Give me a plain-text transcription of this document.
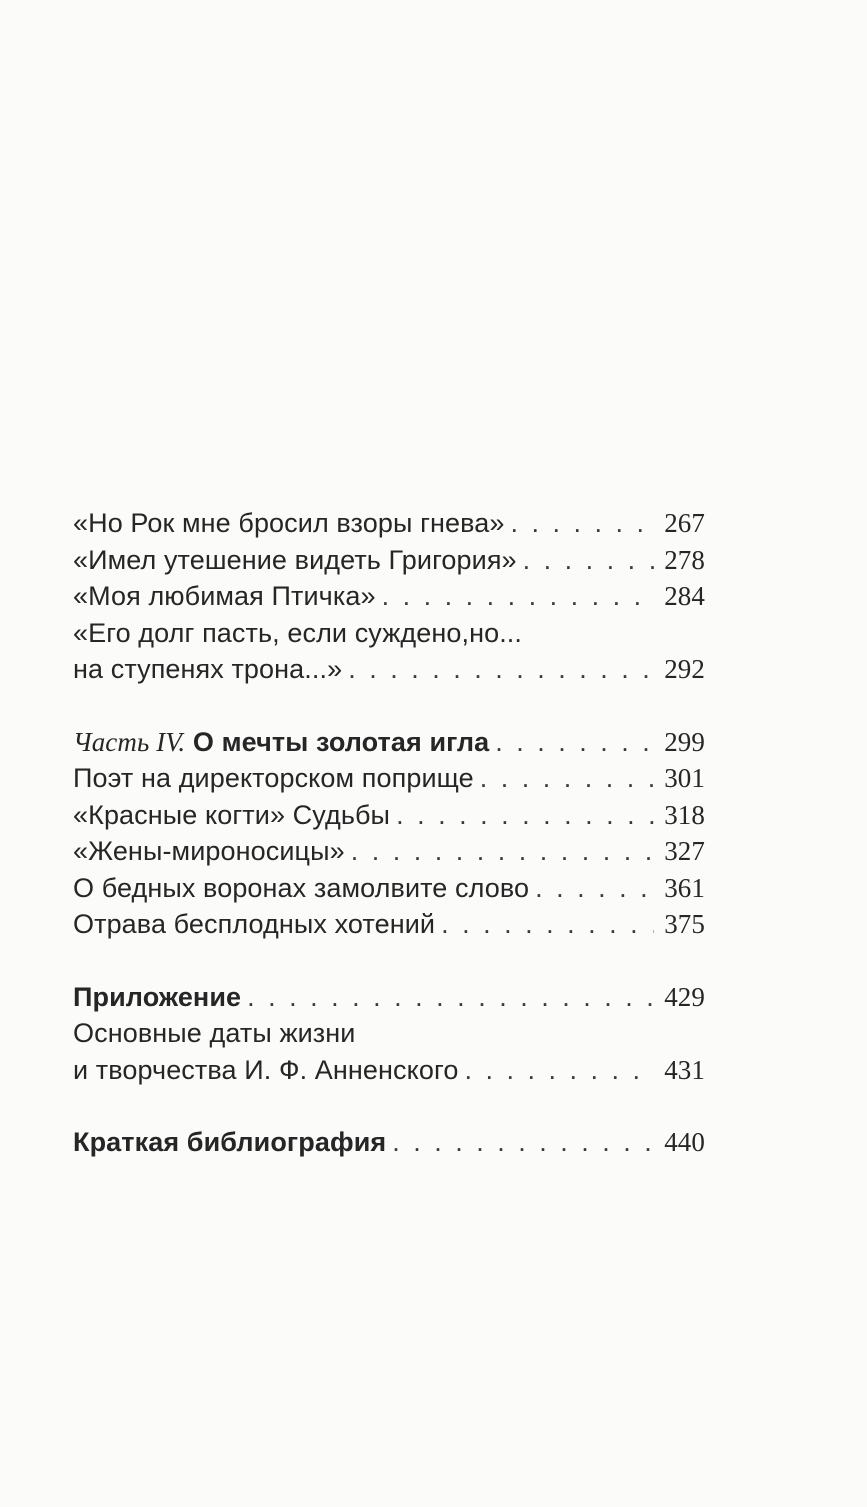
«Но Рок мне бросил взоры гнева» . . .	267
«Имел утешение видеть Григория» . . .	278
«Моя любимая Птичка» . . .	284
«Его долг пасть, если суждено,но...
на ступенях трона...» . . .	292
Часть IV. О мечты золотая игла . . .	299
Поэт на директорском поприще . . .	301
«Красные когти» Судьбы . . .	318
«Жены-мироносицы» . . .	327
О бедных воронах замолвите слово . . .	361
Отрава бесплодных хотений . . .	375
Приложение . . .	429
Основные даты жизни
и творчества И. Ф. Анненского . . .	431
Краткая библиография . . .	440
